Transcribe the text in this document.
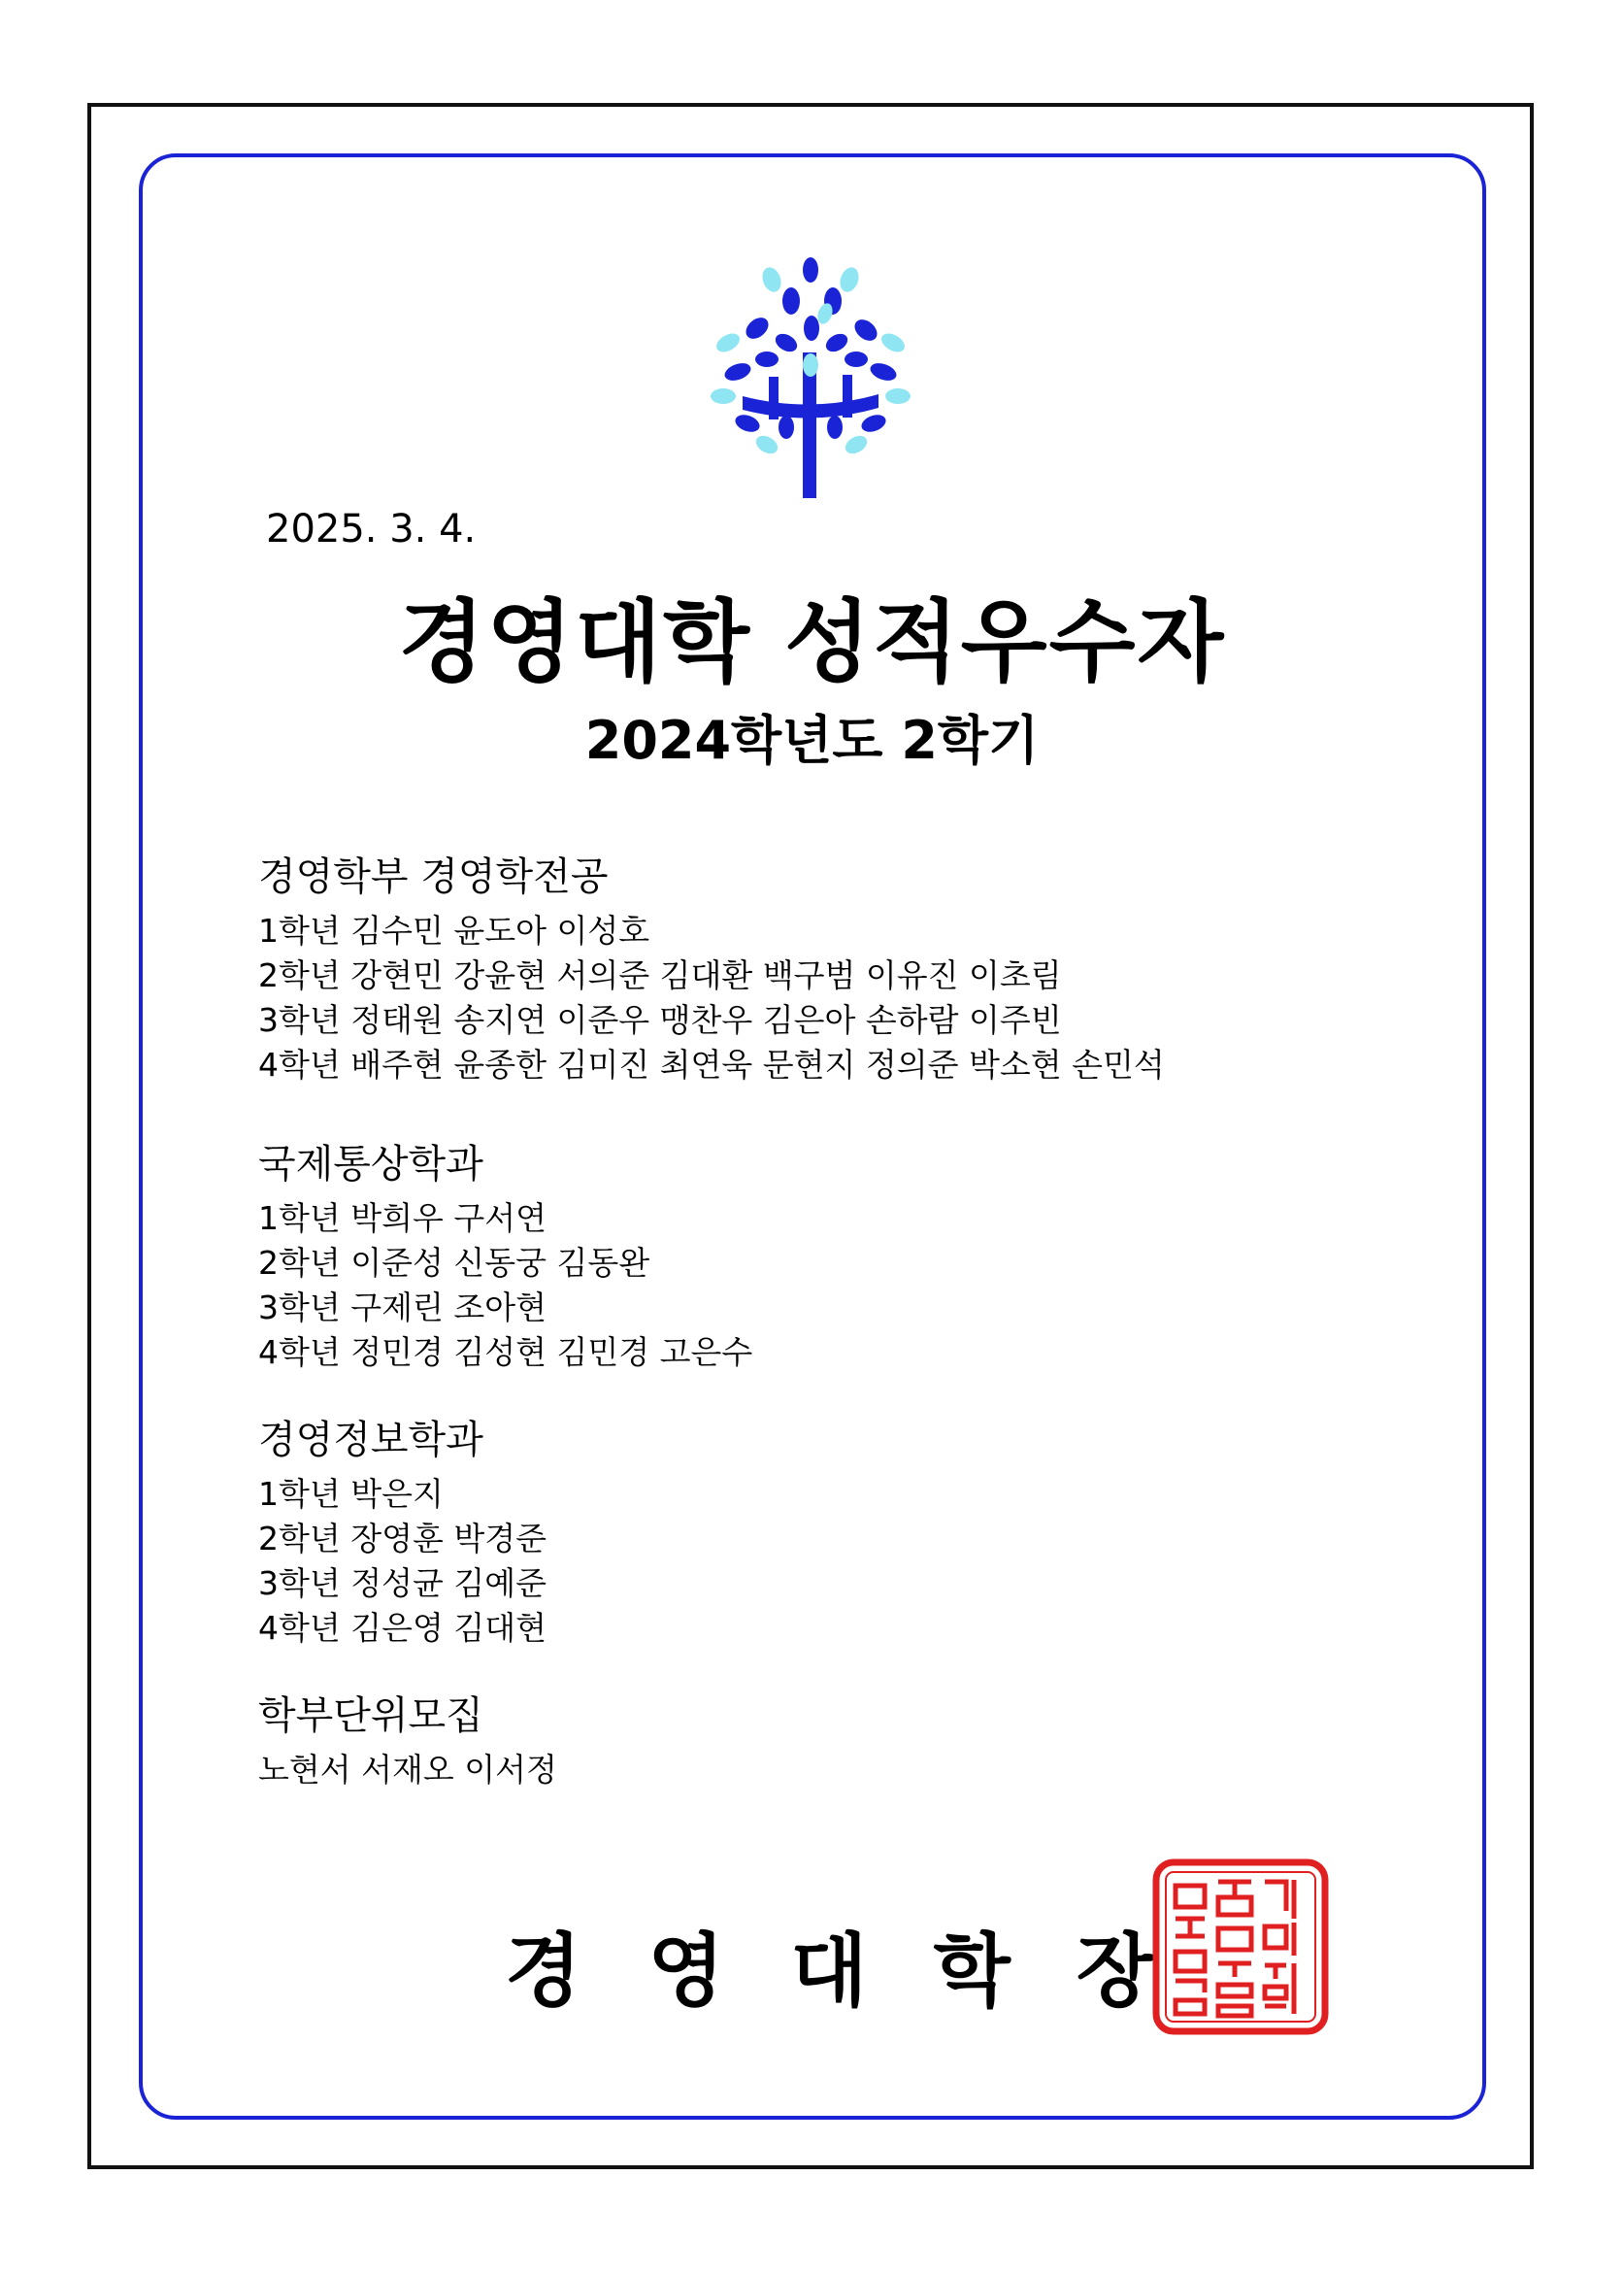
2025. 3. 4.
경영대학 성적우수자
2024학년도 2학기
경영학부 경영학전공
1학년 김수민 윤도아 이성호
2학년 강현민 강윤현 서의준 김대환 백구범 이유진 이초림
3학년 정태원 송지연 이준우 맹찬우 김은아 손하람 이주빈
4학년 배주현 윤종한 김미진 최연욱 문현지 정의준 박소현 손민석
국제통상학과
1학년 박희우 구서연
2학년 이준성 신동궁 김동완
3학년 구제린 조아현
4학년 정민경 김성현 김민경 고은수
경영정보학과
1학년 박은지
2학년 장영훈 박경준
3학년 정성균 김예준
4학년 김은영 김대현
학부단위모집
노현서 서재오 이서정
경영대학장
